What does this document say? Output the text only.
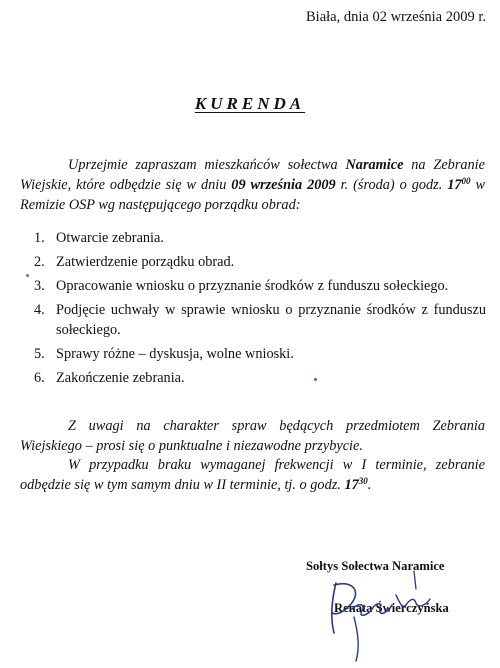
Biała, dnia 02 września 2009 r.
KURENDA
Uprzejmie zapraszam mieszkańców sołectwa Naramice na Zebranie Wiejskie, które odbędzie się w dniu 09 września 2009 r. (środa) o godz. $17^{00}$ w Remizie OSP wg następującego porządku obrad:
1. Otwarcie zebrania.
2. Zatwierdzenie porządku obrad.
3. Opracowanie wniosku o przyznanie środków z funduszu sołeckiego.
4. Podjęcie uchwały w sprawie wniosku o przyznanie środków z funduszu sołeckiego.
5. Sprawy różne – dyskusja, wolne wnioski.
6. Zakończenie zebrania.
Z uwagi na charakter spraw będących przedmiotem Zebrania Wiejskiego – prosi się o punktualne i niezawodne przybycie.
W przypadku braku wymaganej frekwencji w I terminie, zebranie odbędzie się w tym samym dniu w II terminie, tj. o godz. $17^{30}$.
Sołtys Sołectwa Naramice
Renata Świerczyńska
